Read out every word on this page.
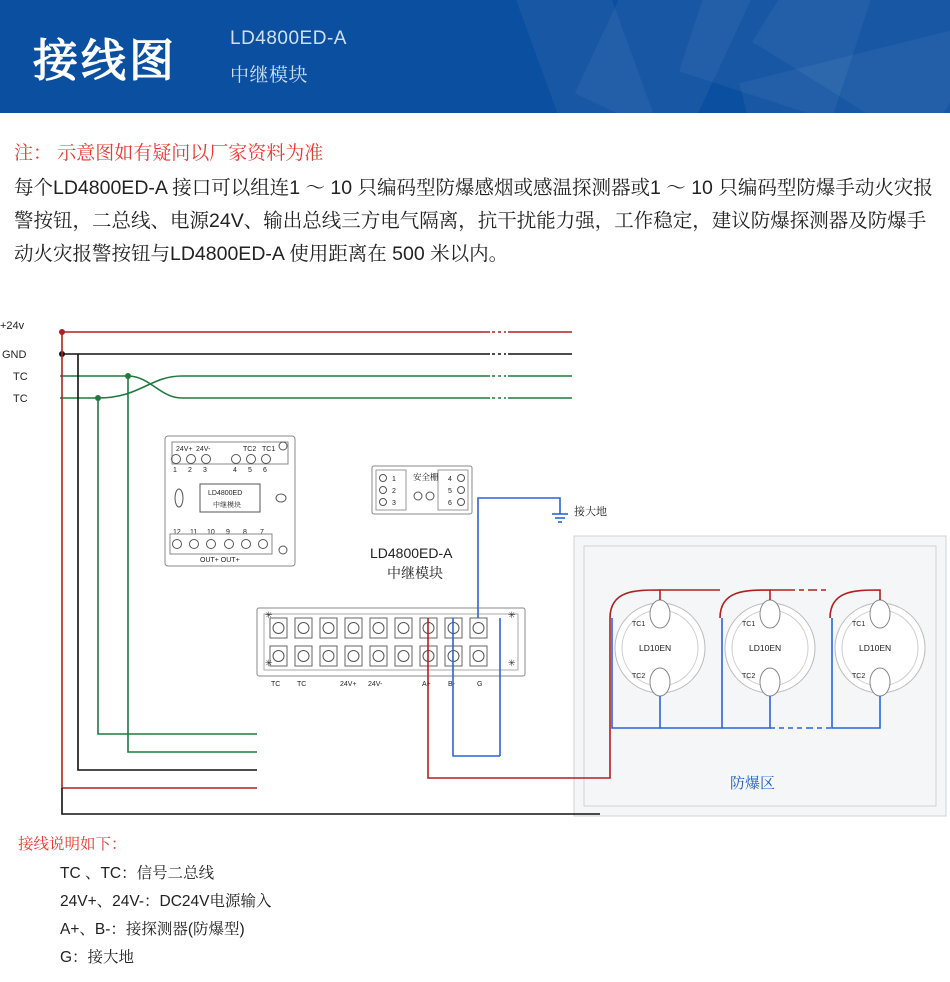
接线图	LD4800ED-A
中继模块
注： 示意图如有疑问以厂家资料为准
每个LD4800ED-A 接口可以组连1 ～ 10 只编码型防爆感烟或感温探测器或1 ～ 10 只编码型防爆手动火灾报警按钮，二总线、电源24V、输出总线三方电气隔离，抗干扰能力强，工作稳定，建议防爆探测器及防爆手动火灾报警按钮与LD4800ED-A 使用距离在 500 米以内。
+24v
GND
TC
TC
24V+ 24V-	TC2 TC1
1 2 3	4 5 6
LD4800ED
中继模块
12 11 10 9 8 7
OUT+ OUT+
1
2
3
4
5
6
安全栅
LD4800ED-A
中继模块
✳	✳
✳	✳
TC TC	24V+ 24V-	A+ B-	G
接大地
防爆区
TC1
TC2
LD10EN
TC1
TC2
LD10EN
TC1
TC2
LD10EN
接线说明如下：
TC 、TC：信号二总线
24V+、24V-：DC24V电源输入
A+、B-：接探测器(防爆型)
G：接大地
